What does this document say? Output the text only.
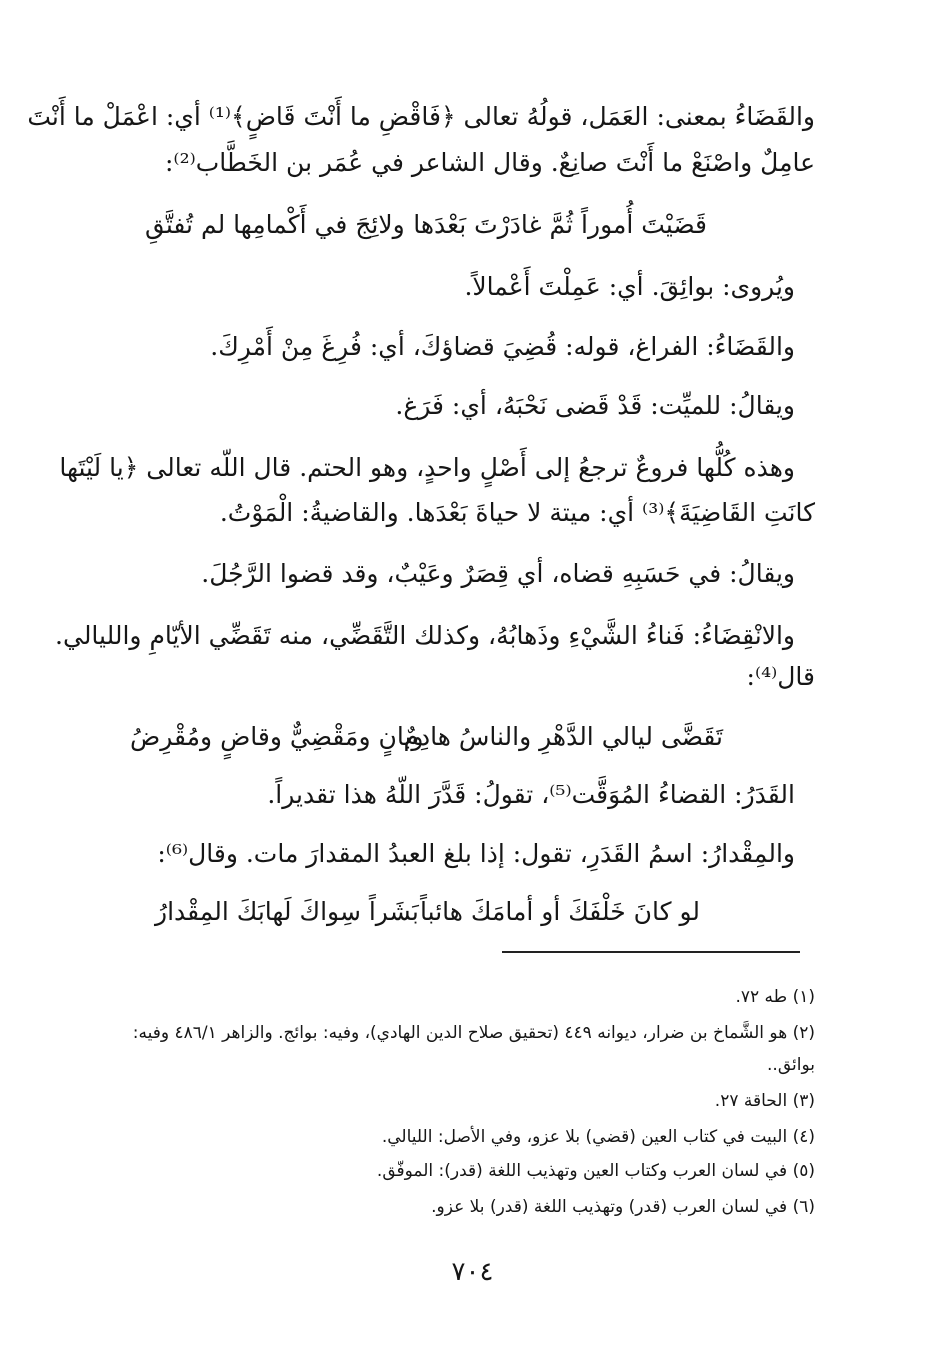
والقَضَاءُ بمعنى: العَمَل، قولُهُ تعالى ﴿فَاقْضِ ما أَنْتَ قَاضٍ﴾⁽¹⁾ أي: اعْمَلْ ما أَنْتَ
عامِلٌ واصْنَعْ ما أَنْتَ صانِعٌ. وقال الشاعر في عُمَر بن الخَطَّاب⁽²⁾:
قَضَيْتَ أُموراً ثُمَّ غادَرْتَ بَعْدَها
ولائِجَ في أَكْمامِها لم تُفتَّقِ
ويُروى: بوائِقَ. أي: عَمِلْتَ أَعْمالاً.
والقَضَاءُ: الفراغ، قوله: قُضِيَ قضاؤكَ، أي: فُرِغَ مِنْ أَمْرِكَ.
ويقالُ: للميِّت: قَدْ قَضى نَحْبَهُ، أي: فَرَغ.
وهذه كُلُّها فروعٌ ترجعُ إلى أَصْلٍ واحدٍ، وهو الحتم. قال اللّه تعالى ﴿يا لَيْتَها
كانَتِ القَاضِيَةَ﴾⁽³⁾ أي: ميتة لا حياةَ بَعْدَها. والقاضيةُ: الْمَوْتُ.
ويقالُ: في حَسَبِهِ قضاه، أي قِصَرٌ وعَيْبٌ، وقد قضوا الرَّجُلَ.
والانْقِضَاءُ: فَناءُ الشَّيْءِ وذَهابُهُ، وكذلك التَّقَضِّي، منه تَقَضِّي الأيّامِ والليالي.
قال⁽⁴⁾:
تَقَضَّى ليالي الدَّهْرِ والناسُ هادِمٌ
وبانٍ ومَقْضِيٌّ وقاضٍ ومُقْرِضُ
القَدَرُ: القضاءُ المُوَقَّت⁽⁵⁾، تقولُ: قَدَّرَ اللّهُ هذا تقديراً.
والمِقْدارُ: اسمُ القَدَرِ، تقول: إذا بلغ العبدُ المقدارَ مات. وقال⁽⁶⁾:
لو كانَ خَلْفَكَ أو أمامَكَ هائباً
بَشَراً سِواكَ لَهابَكَ المِقْدارُ
(١) طه ٧٢.
(٢) هو الشَّماخ بن ضرار، ديوانه ٤٤٩ (تحقيق صلاح الدين الهادي)، وفيه: بوائج. والزاهر ٤٨٦/١ وفيه:
بوائق..
(٣) الحاقة ٢٧.
(٤) البيت في كتاب العين (قضي) بلا عزو، وفي الأصل: الليالي.
(٥) في لسان العرب وكتاب العين وتهذيب اللغة (قدر): الموفّق.
(٦) في لسان العرب (قدر) وتهذيب اللغة (قدر) بلا عزو.
٧٠٤
